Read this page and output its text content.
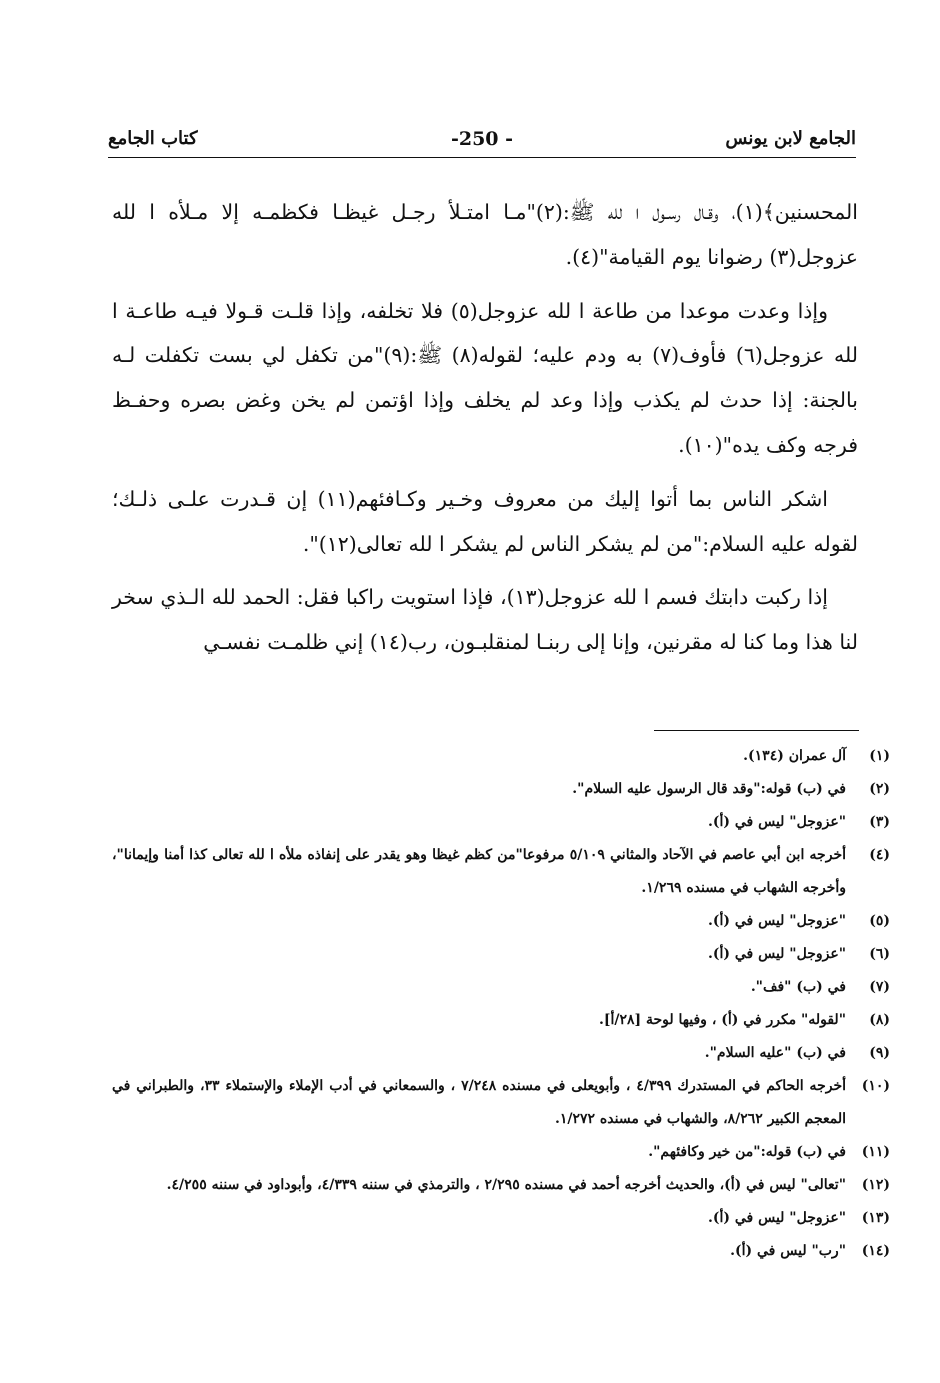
الجامع لابن يونس
-250 -
كتاب الجامع

المحسنين﴾(١)، وقـال رسـول ا لله ﷺ:(٢)"مـا امتـلأ رجـل غيظـا فكظمـه إلا مـلأه ا لله عزوجل(٣) رضوانا يوم القيامة"(٤).

وإذا وعدت موعدا من طاعة ا لله عزوجل(٥) فلا تخلفه، وإذا قلـت قـولا فيـه طاعـة ا لله عزوجل(٦) فأوف(٧) به ودم عليه؛ لقوله(٨) ﷺ:(٩)"من تكفل لي بست تكفلت لـه بالجنة: إذا حدث لم يكذب وإذا وعد لم يخلف وإذا اؤتمن لم يخن وغض بصره وحفـظ فرجه وكف يده"(١٠).

اشكر الناس بما أتوا إليك من معروف وخـير وكـافئهم(١١) إن قـدرت علـى ذلـك؛ لقوله عليه السلام:"من لم يشكر الناس لم يشكر ا لله تعالى(١٢)".

إذا ركبت دابتك فسم ا لله عزوجل(١٣)، فإذا استويت راكبا فقل: الحمد لله الـذي سخر لنا هذا وما كنا له مقرنين، وإنا إلى ربنـا لمنقلبـون، رب(١٤) إني ظلمـت نفسـي

(١)
آل عمران (١٣٤).
(٢)
في (ب) قوله:"وقد قال الرسول عليه السلام".
(٣)
"عزوجل" ليس في (أ).
(٤)
أخرجه ابن أبي عاصم في الآحاد والمثاني ٥/١٠٩ مرفوعا"من كظم غيظا وهو يقدر على إنفاذه ملأه ا لله تعالى كذا أمنا وإيمانا"، وأخرجه الشهاب في مسنده ١/٢٦٩.
(٥)
"عزوجل" ليس في (أ).
(٦)
"عزوجل" ليس في (أ).
(٧)
في (ب) "فف".
(٨)
"لقوله" مكرر في (أ) ، وفيها لوحة [٢٨/أ].
(٩)
في (ب) "عليه السلام".
(١٠)
أخرجه الحاكم في المستدرك ٤/٣٩٩ ، وأبويعلى في مسنده ٧/٢٤٨ ، والسمعاني في أدب الإملاء والإستملاء ٣٣، والطبراني في المعجم الكبير ٨/٢٦٢، والشهاب في مسنده ١/٢٧٢.
(١١)
في (ب) قوله:"من خير وكافئهم".
(١٢)
"تعالى" ليس في (أ)، والحديث أخرجه أحمد في مسنده ٢/٢٩٥ ، والترمذي في سننه ٤/٣٣٩، وأبوداود في سننه ٤/٢٥٥.
(١٣)
"عزوجل" ليس في (أ).
(١٤)
"رب" ليس في (أ).
